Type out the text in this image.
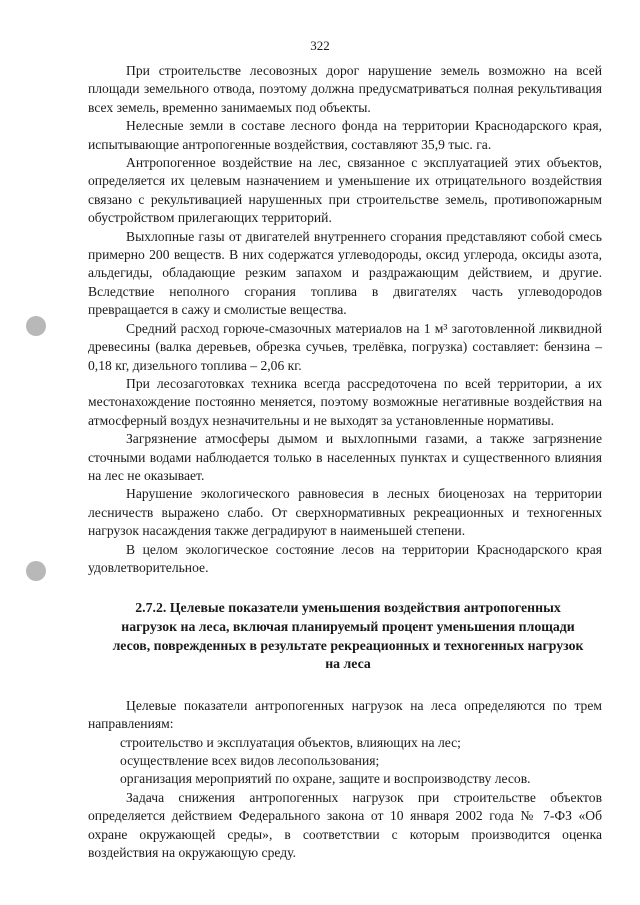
322

При строительстве лесовозных дорог нарушение земель возможно на всей площади земельного отвода, поэтому должна предусматриваться полная рекультивация всех земель, временно занимаемых под объекты.

Нелесные земли в составе лесного фонда на территории Краснодарского края, испытывающие антропогенные воздействия, составляют 35,9 тыс. га.

Антропогенное воздействие на лес, связанное с эксплуатацией этих объектов, определяется их целевым назначением и уменьшение их отрицательного воздействия связано с рекультивацией нарушенных при строительстве земель, противопожарным обустройством прилегающих территорий.

Выхлопные газы от двигателей внутреннего сгорания представляют собой смесь примерно 200 веществ. В них содержатся углеводороды, оксид углерода, оксиды азота, альдегиды, обладающие резким запахом и раздражающим действием, и другие. Вследствие неполного сгорания топлива в двигателях часть углеводородов превращается в сажу и смолистые вещества.

Средний расход горюче-смазочных материалов на 1 м³ заготовленной ликвидной древесины (валка деревьев, обрезка сучьев, трелёвка, погрузка) составляет: бензина – 0,18 кг, дизельного топлива – 2,06 кг.

При лесозаготовках техника всегда рассредоточена по всей территории, а их местонахождение постоянно меняется, поэтому возможные негативные воздействия на атмосферный воздух незначительны и не выходят за установленные нормативы.

Загрязнение атмосферы дымом и выхлопными газами, а также загрязнение сточными водами наблюдается только в населенных пунктах и существенного влияния на лес не оказывает.

Нарушение экологического равновесия в лесных биоценозах на территории лесничеств выражено слабо. От сверхнормативных рекреационных и техногенных нагрузок насаждения также деградируют в наименьшей степени.

В целом экологическое состояние лесов на территории Краснодарского края удовлетворительное.

2.7.2. Целевые показатели уменьшения воздействия антропогенных нагрузок на леса, включая планируемый процент уменьшения площади лесов, поврежденных в результате рекреационных и техногенных нагрузок на леса

Целевые показатели антропогенных нагрузок на леса определяются по трем направлениям:

строительство и эксплуатация объектов, влияющих на лес;

осуществление всех видов лесопользования;

организация мероприятий по охране, защите и воспроизводству лесов.

Задача снижения антропогенных нагрузок при строительстве объектов определяется действием Федерального закона от 10 января 2002 года № 7-ФЗ «Об охране окружающей среды», в соответствии с которым производится оценка воздействия на окружающую среду.
